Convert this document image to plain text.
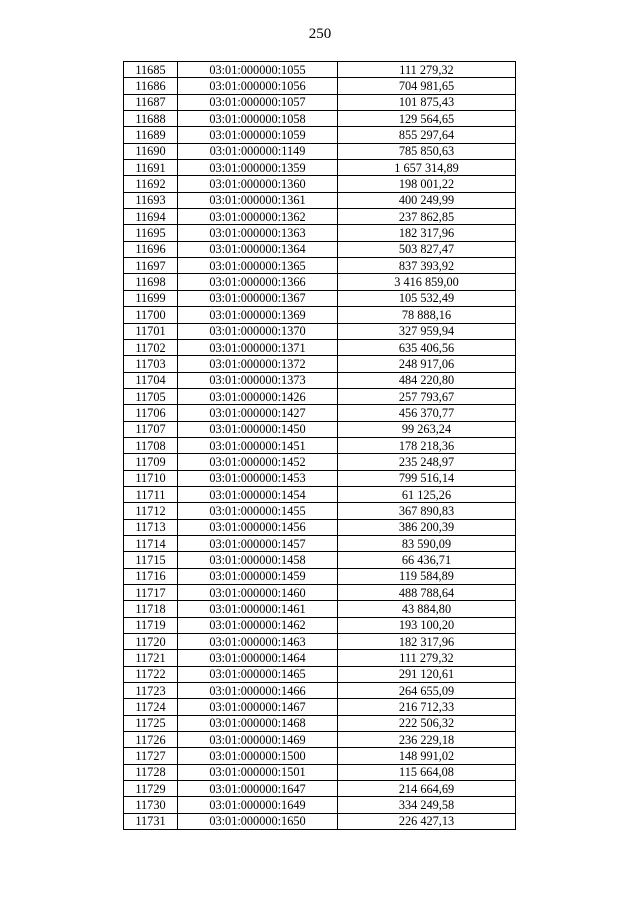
250
11685	03:01:000000:1055	111 279,32
11686	03:01:000000:1056	704 981,65
11687	03:01:000000:1057	101 875,43
11688	03:01:000000:1058	129 564,65
11689	03:01:000000:1059	855 297,64
11690	03:01:000000:1149	785 850,63
11691	03:01:000000:1359	1 657 314,89
11692	03:01:000000:1360	198 001,22
11693	03:01:000000:1361	400 249,99
11694	03:01:000000:1362	237 862,85
11695	03:01:000000:1363	182 317,96
11696	03:01:000000:1364	503 827,47
11697	03:01:000000:1365	837 393,92
11698	03:01:000000:1366	3 416 859,00
11699	03:01:000000:1367	105 532,49
11700	03:01:000000:1369	78 888,16
11701	03:01:000000:1370	327 959,94
11702	03:01:000000:1371	635 406,56
11703	03:01:000000:1372	248 917,06
11704	03:01:000000:1373	484 220,80
11705	03:01:000000:1426	257 793,67
11706	03:01:000000:1427	456 370,77
11707	03:01:000000:1450	99 263,24
11708	03:01:000000:1451	178 218,36
11709	03:01:000000:1452	235 248,97
11710	03:01:000000:1453	799 516,14
11711	03:01:000000:1454	61 125,26
11712	03:01:000000:1455	367 890,83
11713	03:01:000000:1456	386 200,39
11714	03:01:000000:1457	83 590,09
11715	03:01:000000:1458	66 436,71
11716	03:01:000000:1459	119 584,89
11717	03:01:000000:1460	488 788,64
11718	03:01:000000:1461	43 884,80
11719	03:01:000000:1462	193 100,20
11720	03:01:000000:1463	182 317,96
11721	03:01:000000:1464	111 279,32
11722	03:01:000000:1465	291 120,61
11723	03:01:000000:1466	264 655,09
11724	03:01:000000:1467	216 712,33
11725	03:01:000000:1468	222 506,32
11726	03:01:000000:1469	236 229,18
11727	03:01:000000:1500	148 991,02
11728	03:01:000000:1501	115 664,08
11729	03:01:000000:1647	214 664,69
11730	03:01:000000:1649	334 249,58
11731	03:01:000000:1650	226 427,13
